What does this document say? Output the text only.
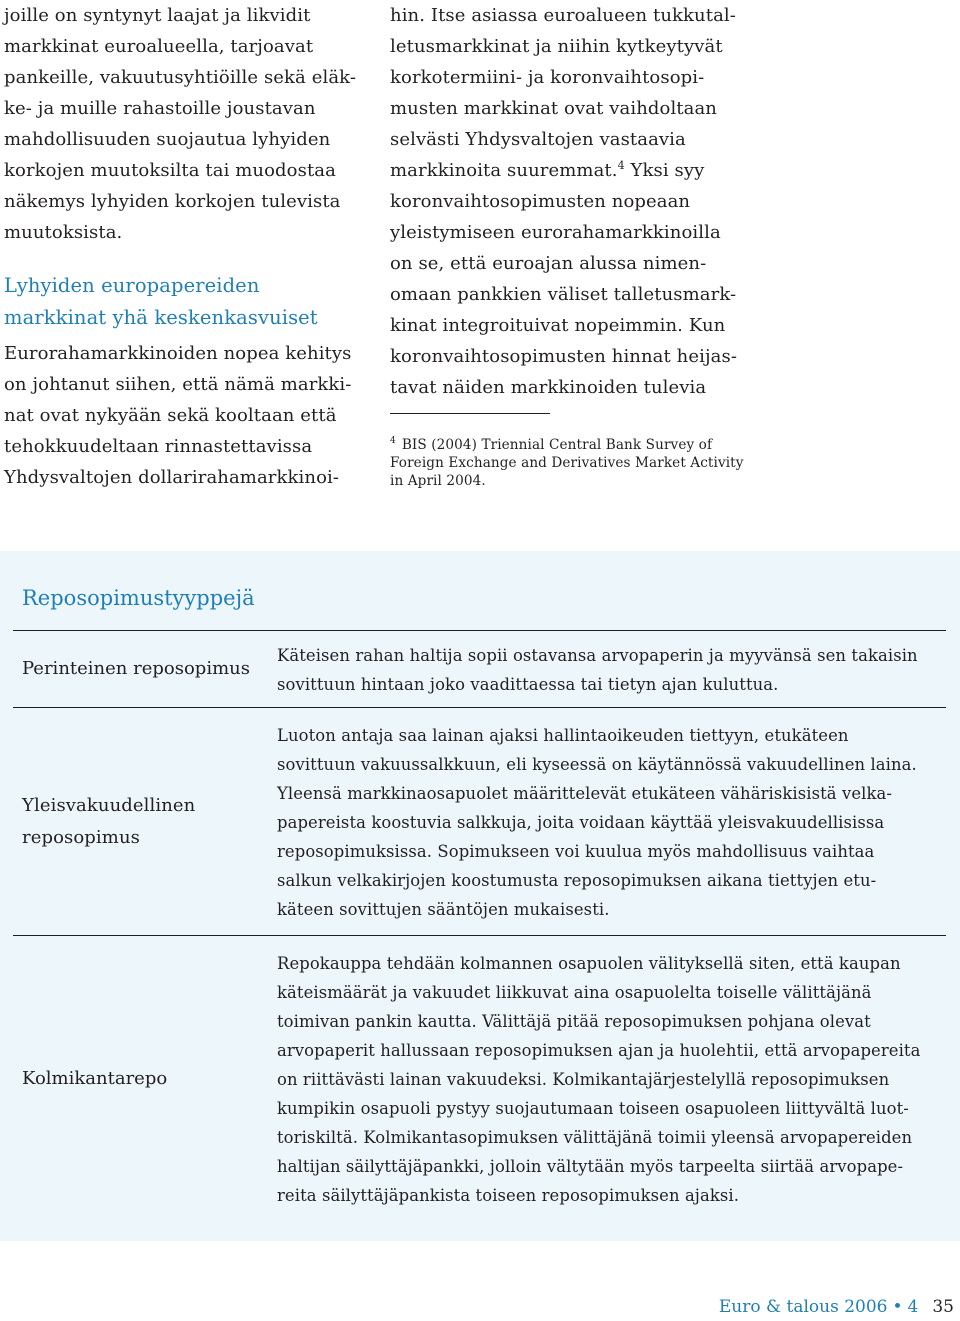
joille on syntynyt laajat ja likvidit
markkinat euroalueella, tarjoavat
pankeille, vakuutusyhtiöille sekä eläk-
ke- ja muille rahastoille joustavan
mahdollisuuden suojautua lyhyiden
korkojen muutoksilta tai muodostaa
näkemys lyhyiden korkojen tulevista
muutoksista.
Lyhyiden europapereiden
markkinat yhä keskenkasvuiset
Eurorahamarkkinoiden nopea kehitys
on johtanut siihen, että nämä markki-
nat ovat nykyään sekä kooltaan että
tehokkuudeltaan rinnastettavissa
Yhdysvaltojen dollarirahamarkkinoi-
hin. Itse asiassa euroalueen tukkutal-
letusmarkkinat ja niihin kytkeytyvät
korkotermiini- ja koronvaihtosopi-
musten markkinat ovat vaihdoltaan
selvästi Yhdysvaltojen vastaavia
markkinoita suuremmat.$^4$ Yksi syy
koronvaihtosopimusten nopeaan
yleistymiseen eurorahamarkkinoilla
on se, että euroajan alussa nimen-
omaan pankkien väliset talletusmark-
kinat integroituivat nopeimmin. Kun
koronvaihtosopimusten hinnat heijas-
tavat näiden markkinoiden tulevia
$^4$ BIS (2004) Triennial Central Bank Survey of
Foreign Exchange and Derivatives Market Activity
in April 2004.
Reposopimustyyppejä
Perinteinen reposopimus
Käteisen rahan haltija sopii ostavansa arvopaperin ja myyvänsä sen takaisin
sovittuun hintaan joko vaadittaessa tai tietyn ajan kuluttua.
Yleisvakuudellinen
reposopimus
Luoton antaja saa lainan ajaksi hallintaoikeuden tiettyyn, etukäteen
sovittuun vakuussalkkuun, eli kyseessä on käytännössä vakuudellinen laina.
Yleensä markkinaosapuolet määrittelevät etukäteen vähäriskisistä velka-
papereista koostuvia salkkuja, joita voidaan käyttää yleisvakuudellisissa
reposopimuksissa. Sopimukseen voi kuulua myös mahdollisuus vaihtaa
salkun velkakirjojen koostumusta reposopimuksen aikana tiettyjen etu-
käteen sovittujen sääntöjen mukaisesti.
Kolmikantarepo
Repokauppa tehdään kolmannen osapuolen välityksellä siten, että kaupan
käteismäärät ja vakuudet liikkuvat aina osapuolelta toiselle välittäjänä
toimivan pankin kautta. Välittäjä pitää reposopimuksen pohjana olevat
arvopaperit hallussaan reposopimuksen ajan ja huolehtii, että arvopapereita
on riittävästi lainan vakuudeksi. Kolmikantajärjestelyllä reposopimuksen
kumpikin osapuoli pystyy suojautumaan toiseen osapuoleen liittyvältä luot-
toriskiltä. Kolmikantasopimuksen välittäjänä toimii yleensä arvopapereiden
haltijan säilyttäjäpankki, jolloin vältytään myös tarpeelta siirtää arvopape-
reita säilyttäjäpankista toiseen reposopimuksen ajaksi.
Euro & talous 2006 • 4 35
